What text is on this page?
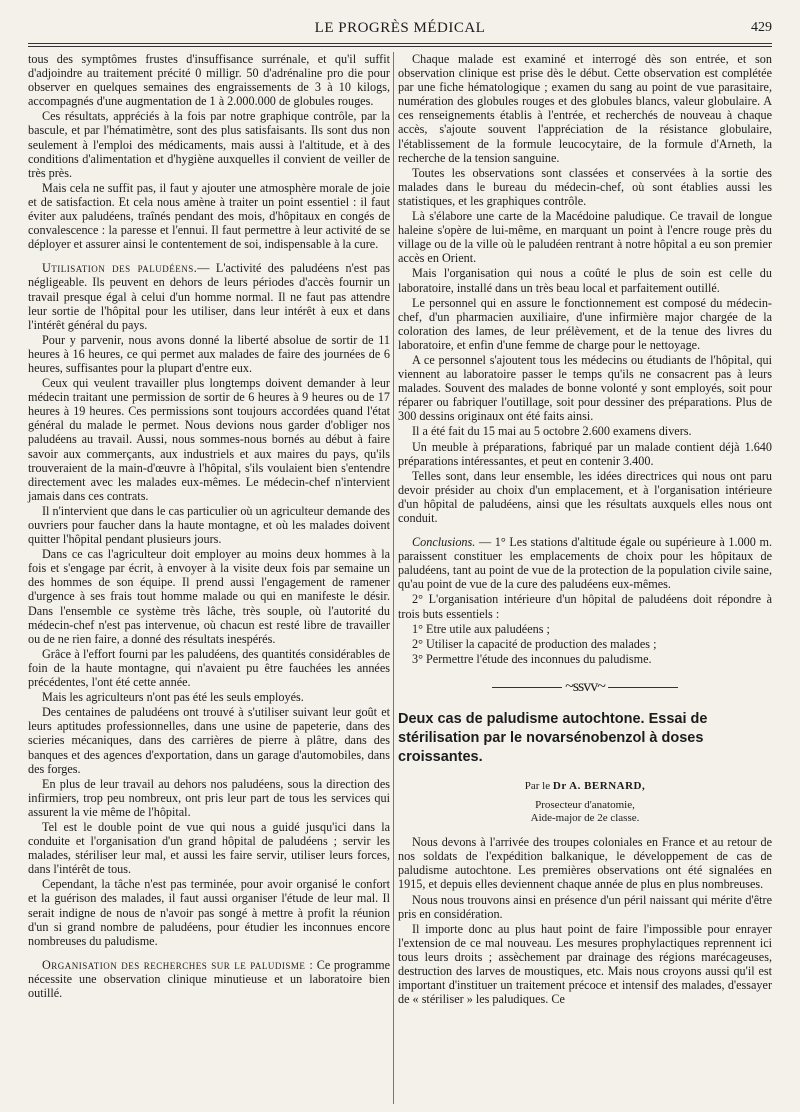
LE PROGRÈS MÉDICAL	429

tous des symptômes frustes d'insuffisance surrénale, et qu'il suffit d'adjoindre au traitement précité 0 milligr. 50 d'adrénaline pro die pour observer en quelques semaines des engraissements de 3 à 10 kilogs, accompagnés d'une augmentation de 1 à 2.000.000 de globules rouges.

Ces résultats, appréciés à la fois par notre graphique contrôle, par la bascule, et par l'hématimètre, sont des plus satisfaisants. Ils sont dus non seulement à l'emploi des médicaments, mais aussi à l'altitude, et à des conditions d'alimentation et d'hygiène auxquelles il convient de veiller de très près.

Mais cela ne suffit pas, il faut y ajouter une atmosphère morale de joie et de satisfaction. Et cela nous amène à traiter un point essentiel : il faut éviter aux paludéens, traînés pendant des mois, d'hôpitaux en congés de convalescence : la paresse et l'ennui. Il faut permettre à leur activité de se déployer et assurer ainsi le contentement de soi, indispensable à la cure.

Utilisation des paludéens.— L'activité des paludéens n'est pas négligeable. Ils peuvent en dehors de leurs périodes d'accès fournir un travail presque égal à celui d'un homme normal. Il ne faut pas attendre leur sortie de l'hôpital pour les utiliser, dans leur intérêt à eux et dans l'intérêt général du pays.

Pour y parvenir, nous avons donné la liberté absolue de sortir de 11 heures à 16 heures, ce qui permet aux malades de faire des journées de 6 heures, suffisantes pour la plupart d'entre eux.

Ceux qui veulent travailler plus longtemps doivent demander à leur médecin traitant une permission de sortir de 6 heures à 9 heures ou de 17 heures à 19 heures. Ces permissions sont toujours accordées quand l'état général du malade le permet. Nous devions nous garder d'obliger nos paludéens au travail. Aussi, nous sommes-nous bornés au début à faire savoir aux commerçants, aux industriels et aux maires du pays, qu'ils trouveraient de la main-d'œuvre à l'hôpital, s'ils voulaient bien s'entendre directement avec les malades eux-mêmes. Le médecin-chef n'intervient jamais dans ces contrats.

Il n'intervient que dans le cas particulier où un agriculteur demande des ouvriers pour faucher dans la haute montagne, et où les malades doivent quitter l'hôpital pendant plusieurs jours.

Dans ce cas l'agriculteur doit employer au moins deux hommes à la fois et s'engage par écrit, à envoyer à la visite deux fois par semaine un des hommes de son équipe. Il prend aussi l'engagement de ramener d'urgence à ses frais tout homme malade ou qui en manifeste le désir. Dans l'ensemble ce système très lâche, très souple, où l'autorité du médecin-chef n'est pas intervenue, où chacun est resté libre de travailler ou de ne rien faire, a donné des résultats inespérés.

Grâce à l'effort fourni par les paludéens, des quantités considérables de foin de la haute montagne, qui n'avaient pu être fauchées les années précédentes, l'ont été cette année.

Mais les agriculteurs n'ont pas été les seuls employés.

Des centaines de paludéens ont trouvé à s'utiliser suivant leur goût et leurs aptitudes professionnelles, dans une usine de papeterie, dans des scieries mécaniques, dans des carrières de pierre à plâtre, dans des banques et des agences d'exportation, dans un garage d'automobiles, dans des forges.

En plus de leur travail au dehors nos paludéens, sous la direction des infirmiers, trop peu nombreux, ont pris leur part de tous les services qui assurent la vie même de l'hôpital.

Tel est le double point de vue qui nous a guidé jusqu'ici dans la conduite et l'organisation d'un grand hôpital de paludéens ; servir les malades, stériliser leur mal, et aussi les faire servir, utiliser leurs forces, dans l'intérêt de tous.

Cependant, la tâche n'est pas terminée, pour avoir organisé le confort et la guérison des malades, il faut aussi organiser l'étude de leur mal. Il serait indigne de nous de n'avoir pas songé à mettre à profit la réunion d'un si grand nombre de paludéens, pour étudier les inconnues encore nombreuses du paludisme.

Organisation des recherches sur le paludisme : Ce programme nécessite une observation clinique minutieuse et un laboratoire bien outillé.

Chaque malade est examiné et interrogé dès son entrée, et son observation clinique est prise dès le début. Cette observation est complétée par une fiche hématologique ; examen du sang au point de vue parasitaire, numération des globules rouges et des globules blancs, valeur globulaire. A ces renseignements établis à l'entrée, et recherchés de nouveau à chaque accès, s'ajoute souvent l'appréciation de la résistance globulaire, l'établissement de la formule leucocytaire, de la formule d'Arneth, la recherche de la tension sanguine.

Toutes les observations sont classées et conservées à la sortie des malades dans le bureau du médecin-chef, où sont établies aussi les statistiques, et les graphiques contrôle.

Là s'élabore une carte de la Macédoine paludique. Ce travail de longue haleine s'opère de lui-même, en marquant un point à l'encre rouge près du village ou de la ville où le paludéen rentrant à notre hôpital a eu son premier accès en Orient.

Mais l'organisation qui nous a coûté le plus de soin est celle du laboratoire, installé dans un très beau local et parfaitement outillé.

Le personnel qui en assure le fonctionnement est composé du médecin-chef, d'un pharmacien auxiliaire, d'une infirmière major chargée de la coloration des lames, de leur prélèvement, et de la tenue des livres du laboratoire, et enfin d'une femme de charge pour le nettoyage.

A ce personnel s'ajoutent tous les médecins ou étudiants de l'hôpital, qui viennent au laboratoire passer le temps qu'ils ne consacrent pas à leurs malades. Souvent des malades de bonne volonté y sont employés, soit pour réparer ou fabriquer l'outillage, soit pour dessiner des préparations. Plus de 300 dessins originaux ont été faits ainsi.

Il a été fait du 15 mai au 5 octobre 2.600 examens divers.

Un meuble à préparations, fabriqué par un malade contient déjà 1.640 préparations intéressantes, et peut en contenir 3.400.

Telles sont, dans leur ensemble, les idées directrices qui nous ont paru devoir présider au choix d'un emplacement, et à l'organisation intérieure d'un hôpital de paludéens, ainsi que les résultats auxquels elles nous ont conduit.

Conclusions. — 1° Les stations d'altitude égale ou supérieure à 1.000 m. paraissent constituer les emplacements de choix pour les hôpitaux de paludéens, tant au point de vue de la protection de la population civile saine, qu'au point de vue de la cure des paludéens eux-mêmes.

2° L'organisation intérieure d'un hôpital de paludéens doit répondre à trois buts essentiels :

1° Etre utile aux paludéens ;

2° Utiliser la capacité de production des malades ;

3° Permettre l'étude des inconnues du paludisme.

~ssvv~
Deux cas de paludisme autochtone. Essai de stérilisation par le novarsénobenzol à doses croissantes.
Par le Dr A. BERNARD,
Prosecteur d'anatomie,
Aide-major de 2e classe.

Nous devons à l'arrivée des troupes coloniales en France et au retour de nos soldats de l'expédition balkanique, le développement de cas de paludisme autochtone. Les premières observations ont été signalées en 1915, et depuis elles deviennent chaque année de plus en plus nombreuses.

Nous nous trouvons ainsi en présence d'un péril naissant qui mérite d'être pris en considération.

Il importe donc au plus haut point de faire l'impossible pour enrayer l'extension de ce mal nouveau. Les mesures prophylactiques reprennent ici tous leurs droits ; assèchement par drainage des régions marécageuses, destruction des larves de moustiques, etc. Mais nous croyons aussi qu'il est important d'instituer un traitement précoce et intensif des malades, d'essayer de « stériliser » les paludiques. Ce
